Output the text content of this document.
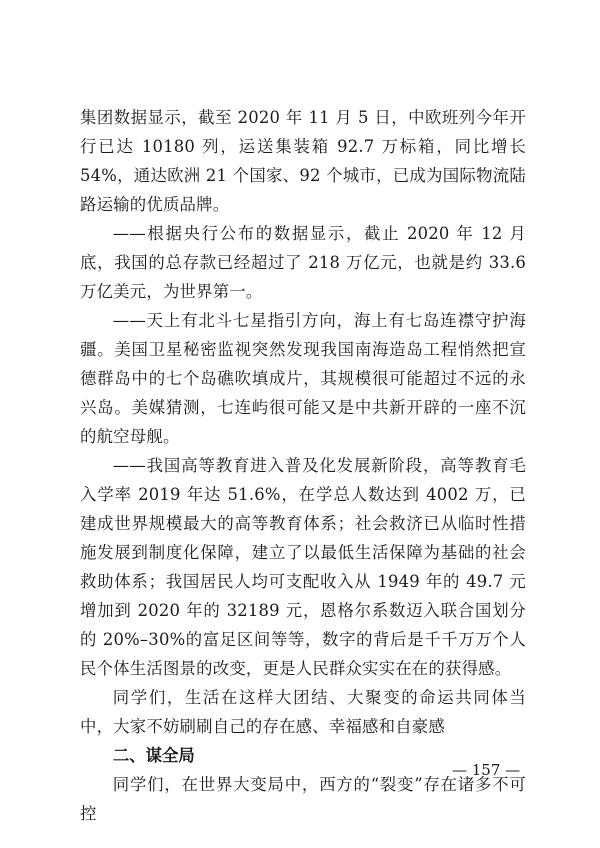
集团数据显示，截至 2020 年 11 月 5 日，中欧班列今年开行已达 10180 列，运送集装箱 92.7 万标箱，同比增长 54%，通达欧洲 21 个国家、92 个城市，已成为国际物流陆路运输的优质品牌。

——根据央行公布的数据显示，截止 2020 年 12 月底，我国的总存款已经超过了 218 万亿元，也就是约 33.6 万亿美元，为世界第一。

——天上有北斗七星指引方向，海上有七岛连襟守护海疆。美国卫星秘密监视突然发现我国南海造岛工程悄然把宣德群岛中的七个岛礁吹填成片，其规模很可能超过不远的永兴岛。美媒猜测，七连屿很可能又是中共新开辟的一座不沉的航空母舰。

——我国高等教育进入普及化发展新阶段，高等教育毛入学率 2019 年达 51.6%，在学总人数达到 4002 万，已建成世界规模最大的高等教育体系；社会救济已从临时性措施发展到制度化保障，建立了以最低生活保障为基础的社会救助体系；我国居民人均可支配收入从 1949 年的 49.7 元增加到 2020 年的 32189 元，恩格尔系数迈入联合国划分的 20%–30%的富足区间等等，数字的背后是千千万万个人民个体生活图景的改变，更是人民群众实实在在的获得感。

同学们，生活在这样大团结、大聚变的命运共同体当中，大家不妨刷刷自己的存在感、幸福感和自豪感

二、谋全局

同学们，在世界大变局中，西方的“裂变”存在诸多不可控

— 157 —
